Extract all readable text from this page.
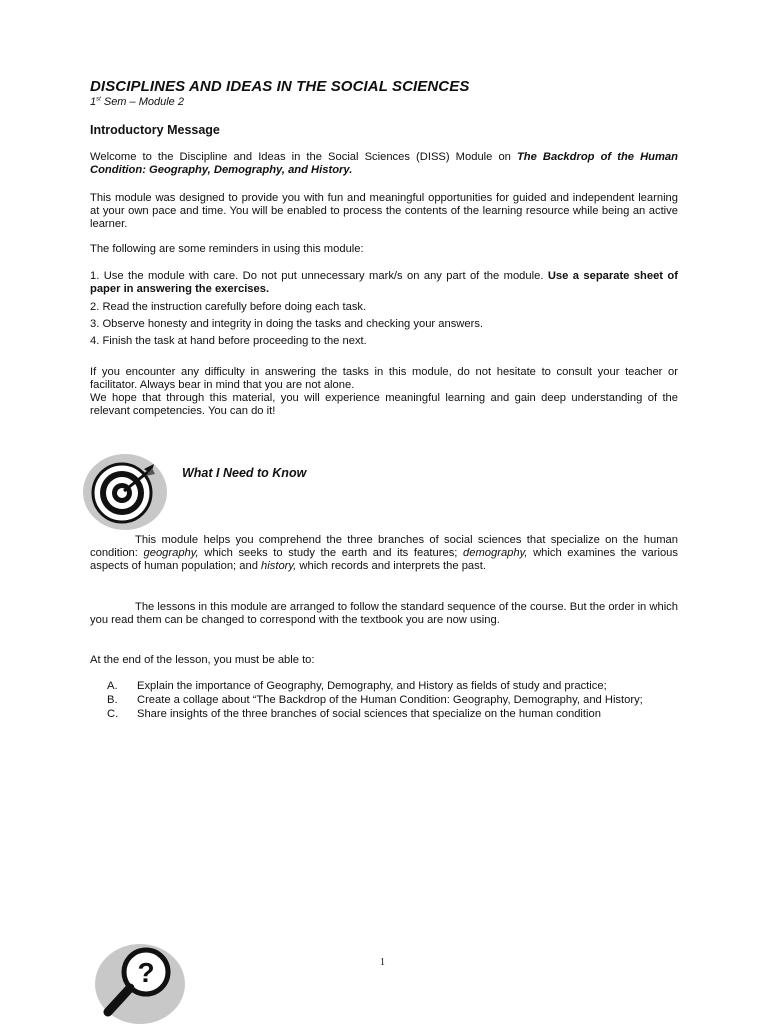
DISCIPLINES AND IDEAS IN THE SOCIAL SCIENCES

1st Sem – Module 2

Introductory Message

Welcome to the Discipline and Ideas in the Social Sciences (DISS) Module on The Backdrop of the Human Condition: Geography, Demography, and History.

This module was designed to provide you with fun and meaningful opportunities for guided and independent learning at your own pace and time. You will be enabled to process the contents of the learning resource while being an active learner.

The following are some reminders in using this module:

1. Use the module with care. Do not put unnecessary mark/s on any part of the module. Use a separate sheet of paper in answering the exercises.

2. Read the instruction carefully before doing each task.

3. Observe honesty and integrity in doing the tasks and checking your answers.

4. Finish the task at hand before proceeding to the next.

If you encounter any difficulty in answering the tasks in this module, do not hesitate to consult your teacher or facilitator. Always bear in mind that you are not alone.

We hope that through this material, you will experience meaningful learning and gain deep understanding of the relevant competencies. You can do it!

What I Need to Know

This module helps you comprehend the three branches of social sciences that specialize on the human condition: geography, which seeks to study the earth and its features; demography, which examines the various aspects of human population; and history, which records and interprets the past.

The lessons in this module are arranged to follow the standard sequence of the course. But the order in which you read them can be changed to correspond with the textbook you are now using.

At the end of the lesson, you must be able to:

A.	Explain the importance of Geography, Demography, and History as fields of study and practice;
B.	Create a collage about “The Backdrop of the Human Condition: Geography, Demography, and History;
C.	Share insights of the three branches of social sciences that specialize on the human condition
?	1
